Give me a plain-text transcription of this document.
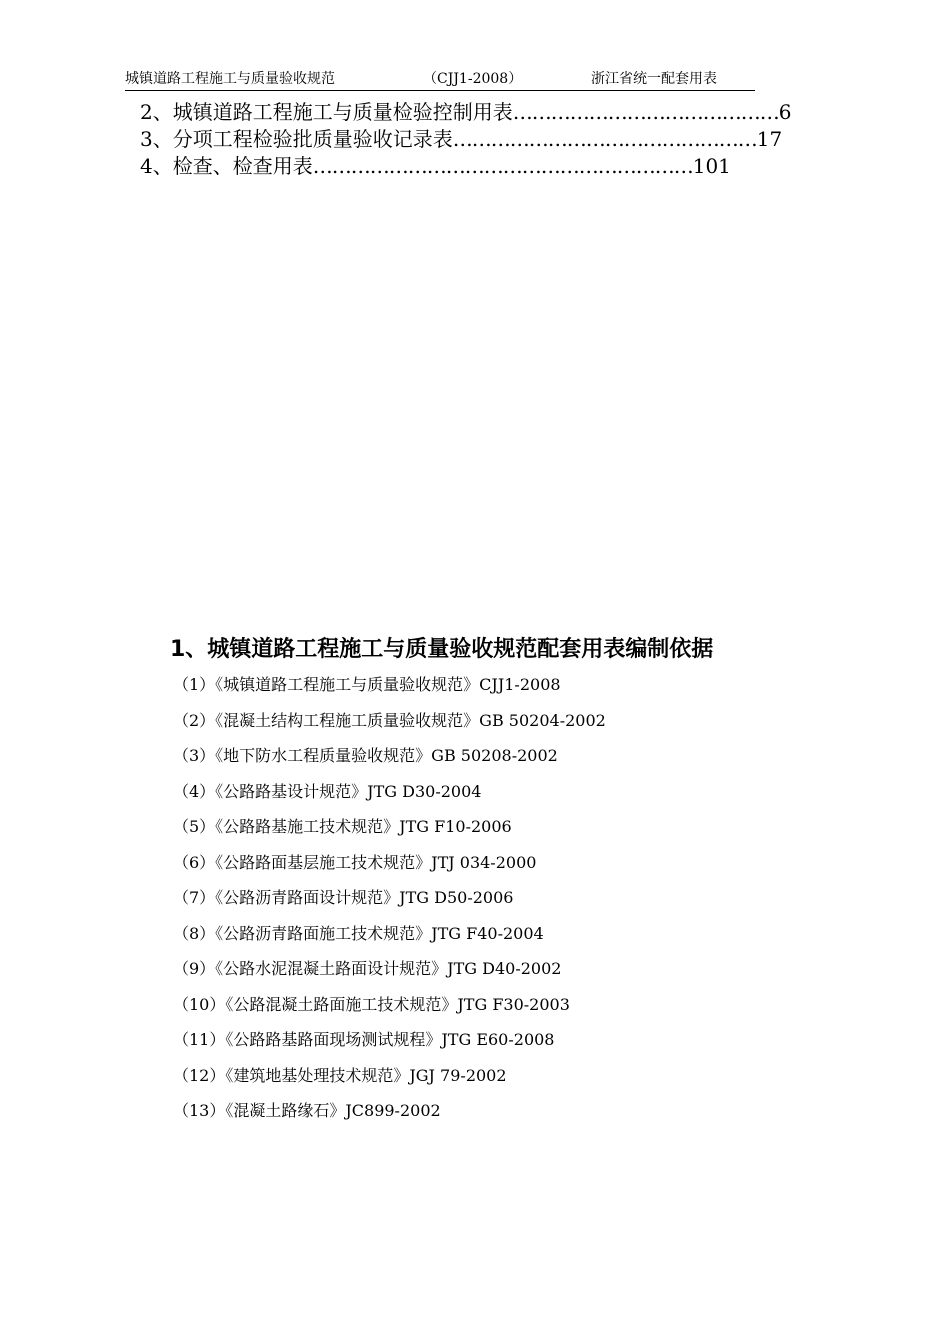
城镇道路工程施工与质量验收规范	（CJJ1-2008）	浙江省统一配套用表
2、城镇道路工程施工与质量检验控制用表……………………………………6
3、分项工程检验批质量验收记录表…………………………………………17
4、检查、检查用表……………………………………………………101
1、城镇道路工程施工与质量验收规范配套用表编制依据
（1）《城镇道路工程施工与质量验收规范》CJJ1-2008
（2）《混凝土结构工程施工质量验收规范》GB 50204-2002
（3）《地下防水工程质量验收规范》GB 50208-2002
（4）《公路路基设计规范》JTG D30-2004
（5）《公路路基施工技术规范》JTG F10-2006
（6）《公路路面基层施工技术规范》JTJ 034-2000
（7）《公路沥青路面设计规范》JTG D50-2006
（8）《公路沥青路面施工技术规范》JTG F40-2004
（9）《公路水泥混凝土路面设计规范》JTG D40-2002
（10）《公路混凝土路面施工技术规范》JTG F30-2003
（11）《公路路基路面现场测试规程》JTG E60-2008
（12）《建筑地基处理技术规范》JGJ 79-2002
（13）《混凝土路缘石》JC899-2002
